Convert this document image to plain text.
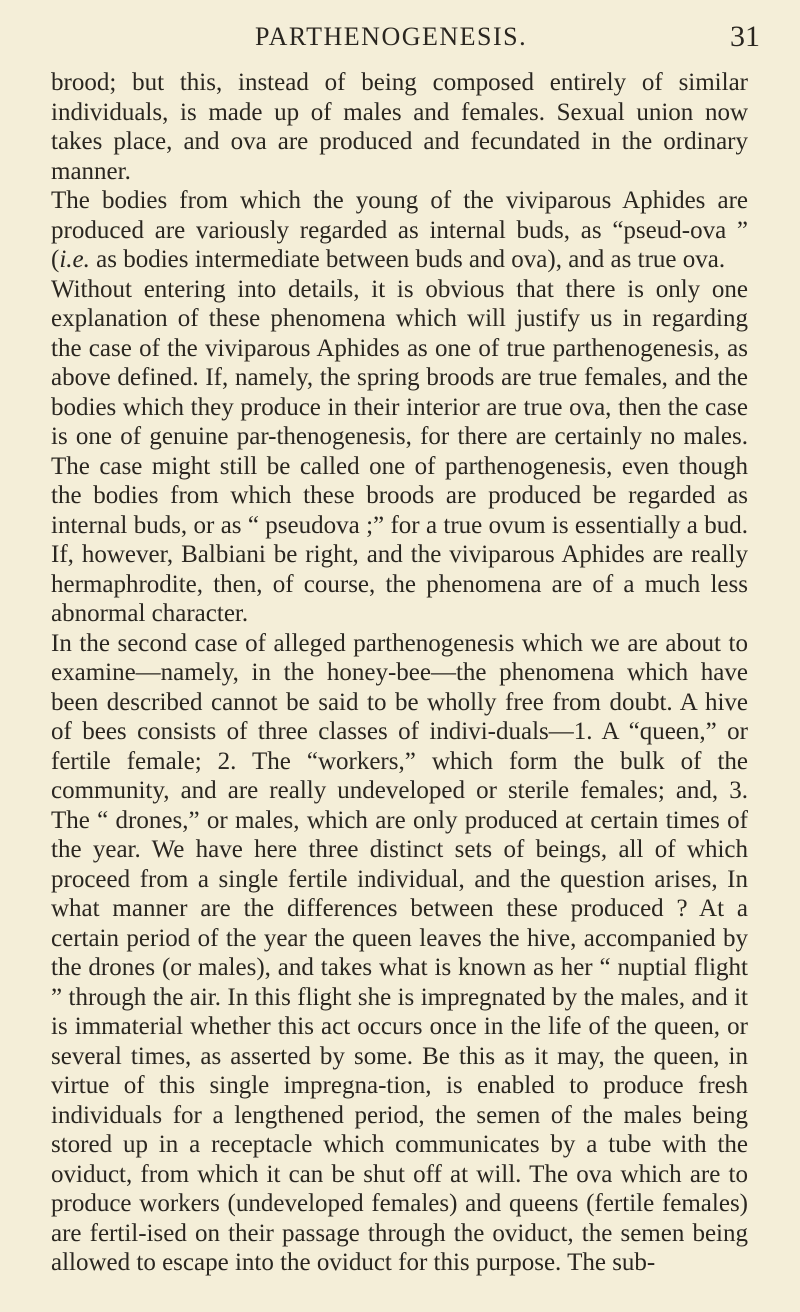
PARTHENOGENESIS.	31

brood; but this, instead of being composed entirely of similar individuals, is made up of males and females. Sexual union now takes place, and ova are produced and fecundated in the ordinary manner.

The bodies from which the young of the viviparous Aphides are produced are variously regarded as internal buds, as “pseud-ova ” (i.e. as bodies intermediate between buds and ova), and as true ova.

Without entering into details, it is obvious that there is only one explanation of these phenomena which will justify us in regarding the case of the viviparous Aphides as one of true parthenogenesis, as above defined. If, namely, the spring broods are true females, and the bodies which they produce in their interior are true ova, then the case is one of genuine par-thenogenesis, for there are certainly no males. The case might still be called one of parthenogenesis, even though the bodies from which these broods are produced be regarded as internal buds, or as “ pseudova ;” for a true ovum is essentially a bud. If, however, Balbiani be right, and the viviparous Aphides are really hermaphrodite, then, of course, the phenomena are of a much less abnormal character.

In the second case of alleged parthenogenesis which we are about to examine—namely, in the honey-bee—the phenomena which have been described cannot be said to be wholly free from doubt. A hive of bees consists of three classes of indivi-duals—1. A “queen,” or fertile female; 2. The “workers,” which form the bulk of the community, and are really undeveloped or sterile females; and, 3. The “ drones,” or males, which are only produced at certain times of the year. We have here three distinct sets of beings, all of which proceed from a single fertile individual, and the question arises, In what manner are the differences between these produced ? At a certain period of the year the queen leaves the hive, accompanied by the drones (or males), and takes what is known as her “ nuptial flight ” through the air. In this flight she is impregnated by the males, and it is immaterial whether this act occurs once in the life of the queen, or several times, as asserted by some. Be this as it may, the queen, in virtue of this single impregna-tion, is enabled to produce fresh individuals for a lengthened period, the semen of the males being stored up in a receptacle which communicates by a tube with the oviduct, from which it can be shut off at will. The ova which are to produce workers (undeveloped females) and queens (fertile females) are fertil-ised on their passage through the oviduct, the semen being allowed to escape into the oviduct for this purpose. The sub-
